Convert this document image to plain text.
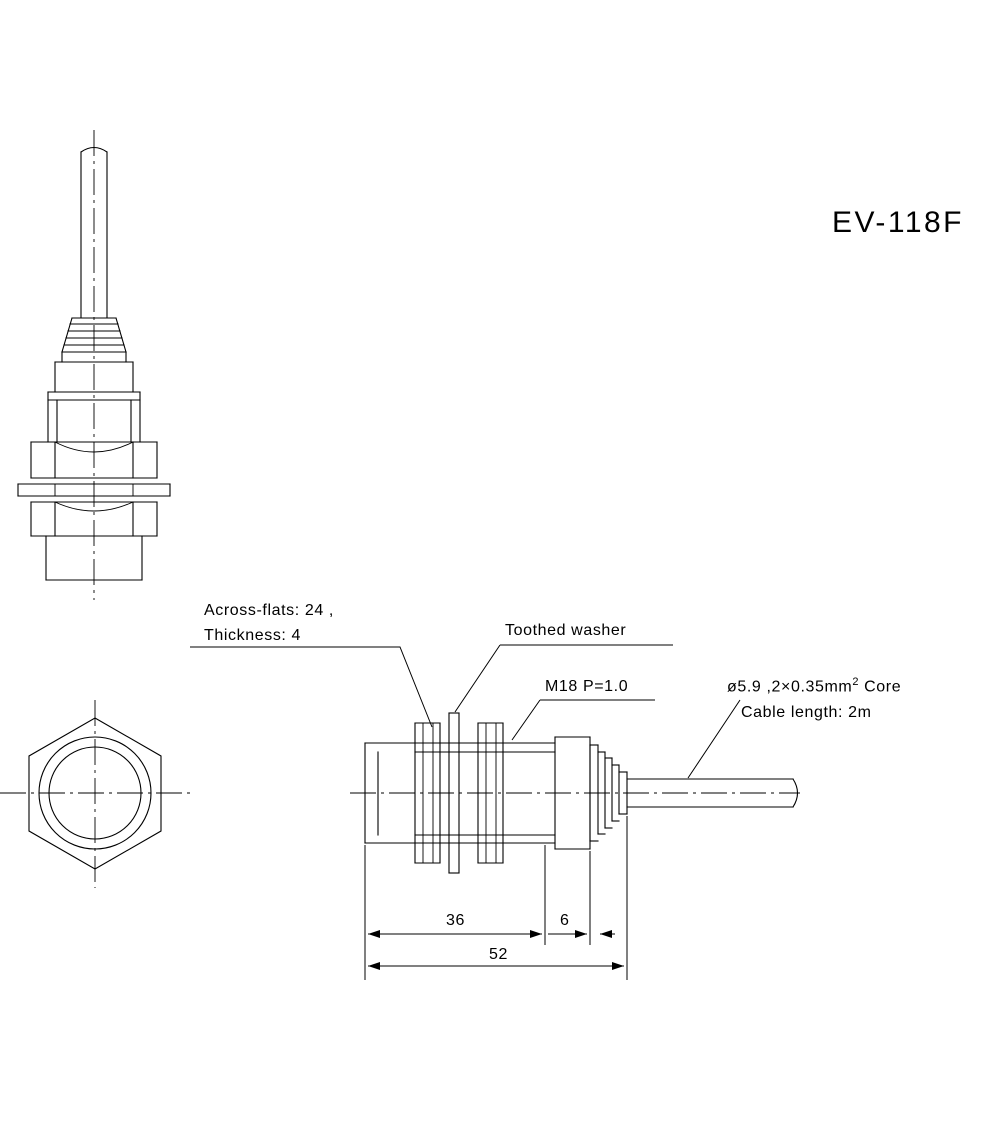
EV-118F
Across-flats: 24 ,
Thickness: 4	Toothed washer
M18 P=1.0	ø5.9 $,2\times 0.35mm^2$ Core
Cable length: 2m
36	6
52
